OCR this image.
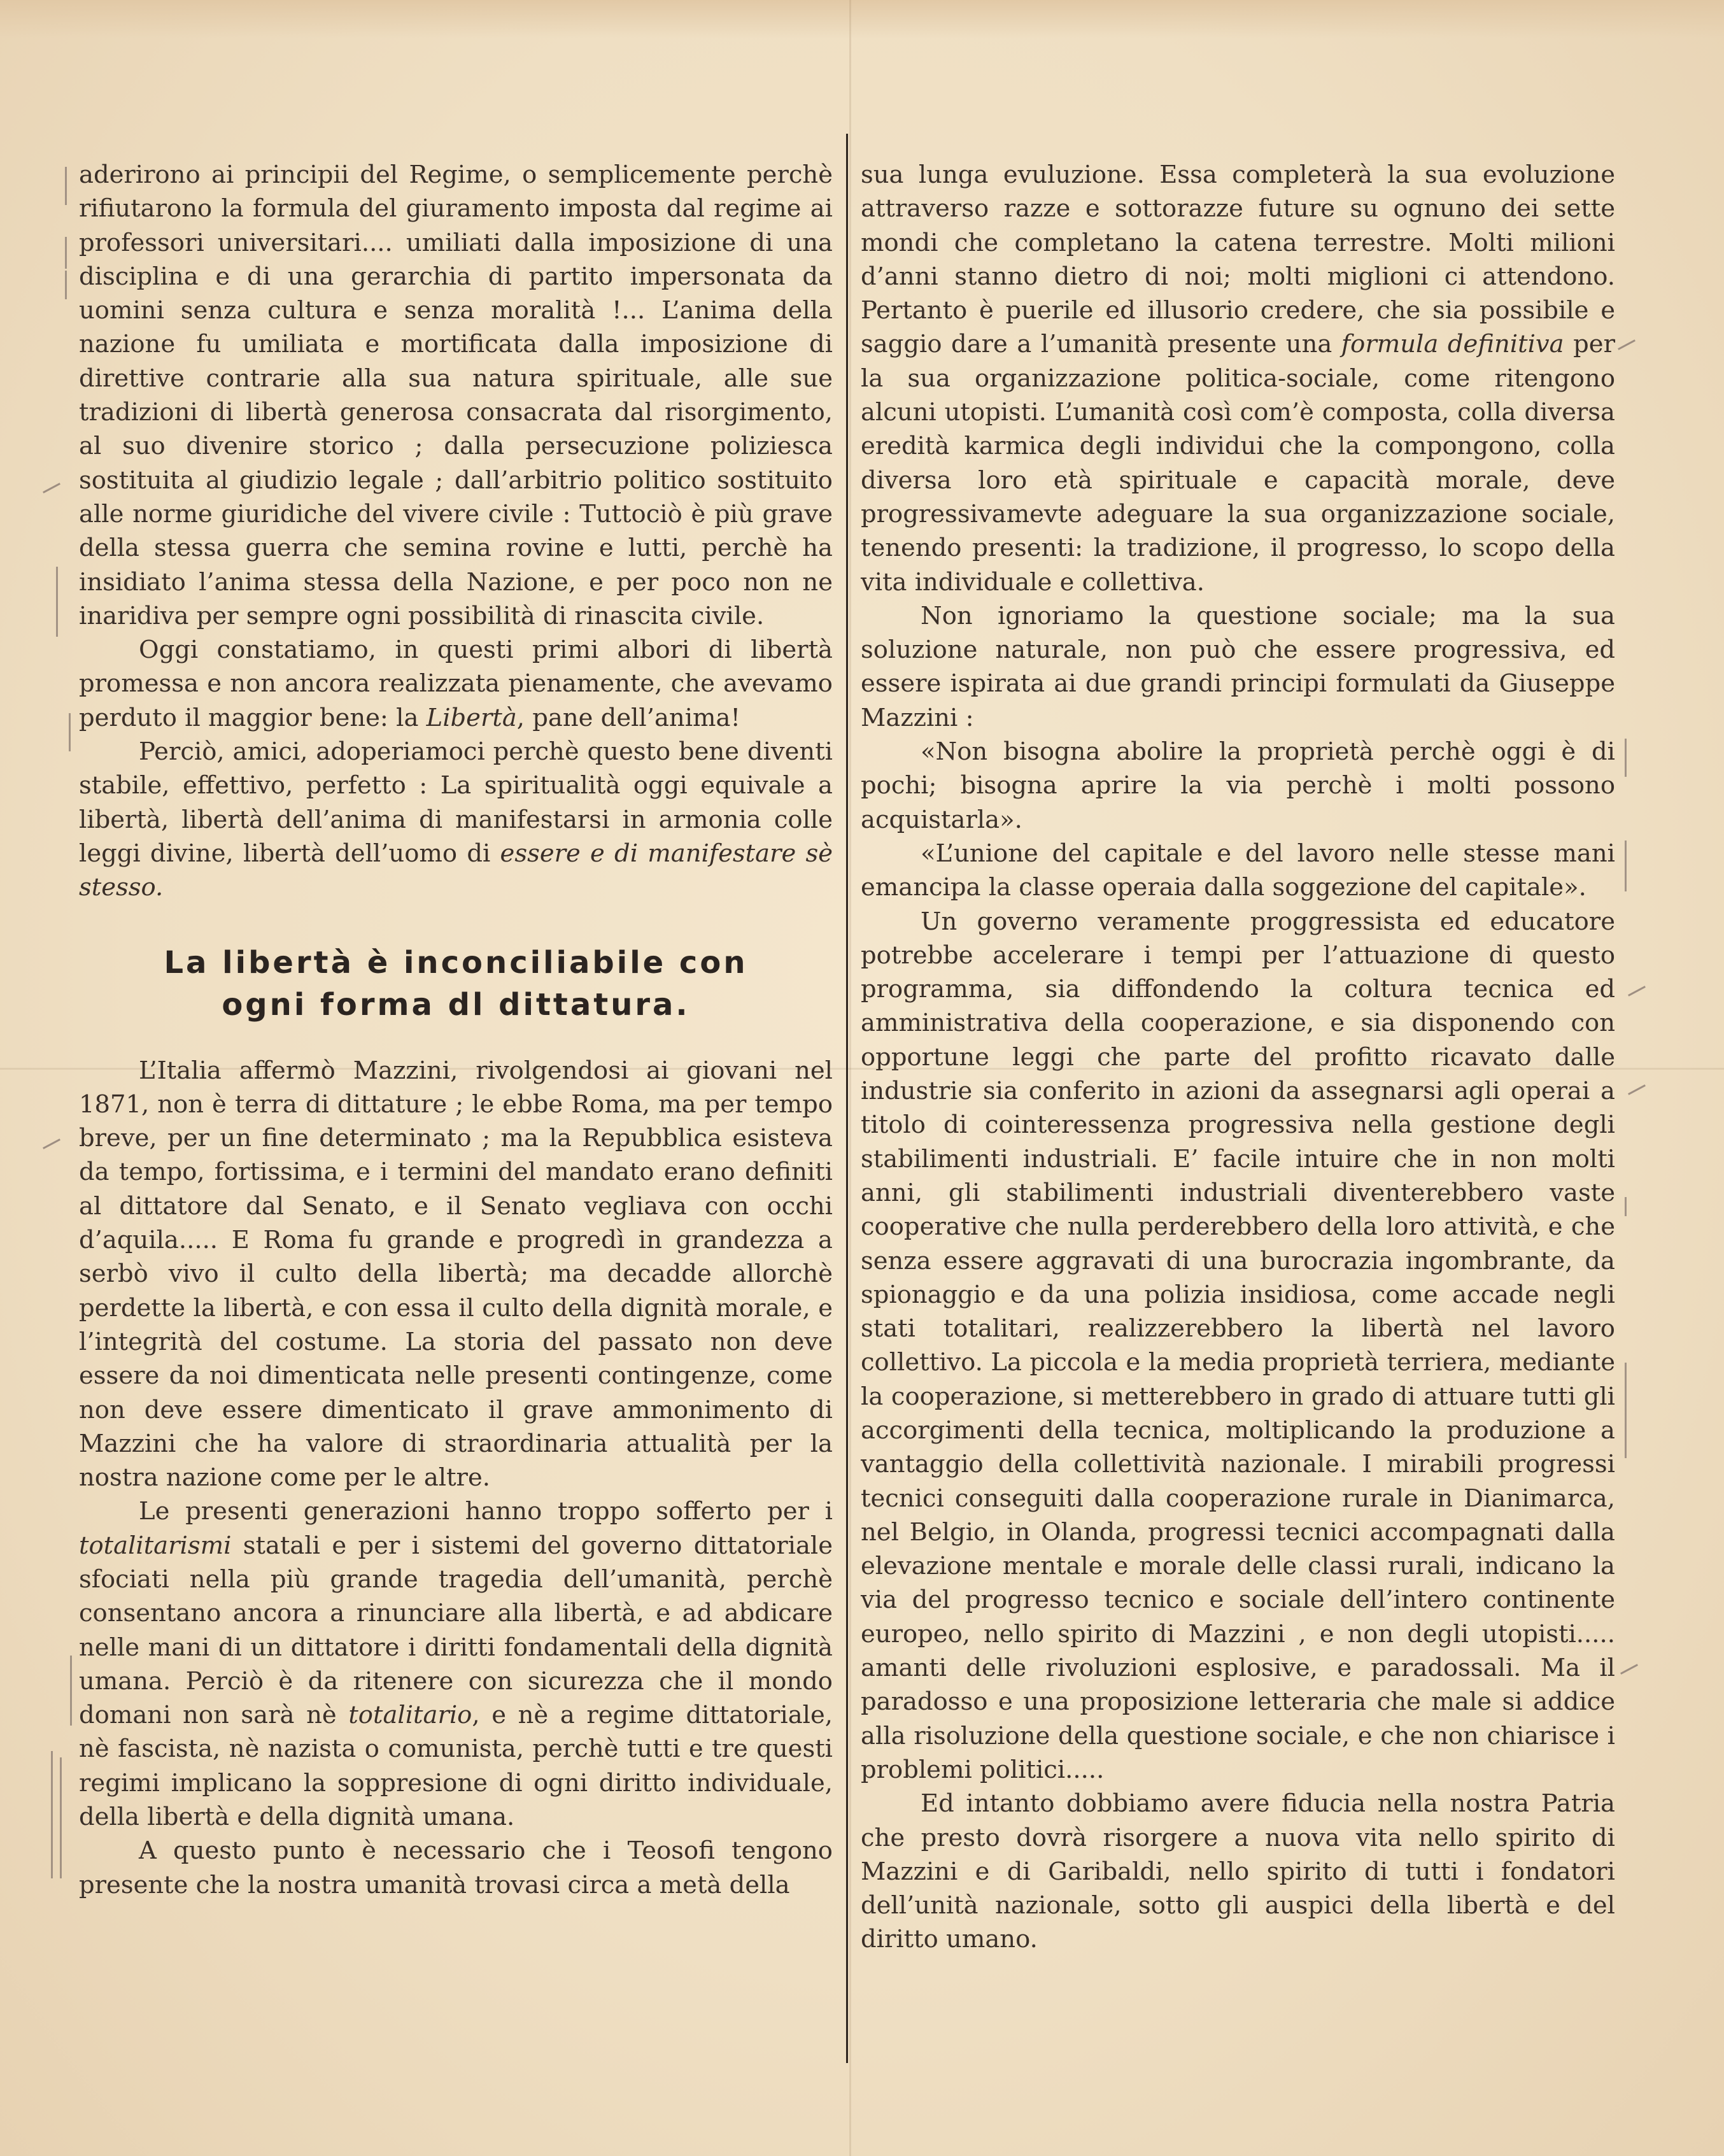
aderirono ai principii del Regime, o semplicemente perchè rifiutarono la formula del giuramento imposta dal regime ai professori universitari.... umiliati dalla imposizione di una disciplina e di una gerarchia di partito impersonata da uomini senza cultura e senza moralità !... L’anima della nazione fu umiliata e mortificata dalla imposizione di direttive contrarie alla sua natura spirituale, alle sue tradizioni di libertà generosa consacrata dal risorgimento, al suo divenire storico ; dalla persecuzione poliziesca sostituita al giudizio legale ; dall’arbitrio politico sostituito alle norme giuridiche del vivere civile : Tuttociò è più grave della stessa guerra che semina rovine e lutti, perchè ha insidiato l’anima stessa della Nazione, e per poco non ne inaridiva per sempre ogni possibilità di rinascita civile.

Oggi constatiamo, in questi primi albori di libertà promessa e non ancora realizzata pienamente, che avevamo perduto il maggior bene: la Libertà, pane dell’anima!

Perciò, amici, adoperiamoci perchè questo bene diventi stabile, effettivo, perfetto : La spiritualità oggi equivale a libertà, libertà dell’anima di manifestarsi in armonia colle leggi divine, libertà dell’uomo di essere e di manifestare sè stesso.

La libertà è inconciliabile con
ogni forma dl dittatura.

L’Italia affermò Mazzini, rivolgendosi ai giovani nel 1871, non è terra di dittature ; le ebbe Roma, ma per tempo breve, per un fine determinato ; ma la Repubblica esisteva da tempo, fortissima, e i termini del mandato erano definiti al dittatore dal Senato, e il Senato vegliava con occhi d’aquila..... E Roma fu grande e progredì in grandezza a serbò vivo il culto della libertà; ma decadde allorchè perdette la libertà, e con essa il culto della dignità morale, e l’integrità del costume. La storia del passato non deve essere da noi dimenticata nelle presenti contingenze, come non deve essere dimenticato il grave ammonimento di Mazzini che ha valore di straordinaria attualità per la nostra nazione come per le altre.

Le presenti generazioni hanno troppo sofferto per i totalitarismi statali e per i sistemi del governo dittatoriale sfociati nella più grande tragedia dell’umanità, perchè consentano ancora a rinunciare alla libertà, e ad abdicare nelle mani di un dittatore i diritti fondamentali della dignità umana. Perciò è da ritenere con sicurezza che il mondo domani non sarà nè totalitario, e nè a regime dittatoriale, nè fascista, nè nazista o comunista, perchè tutti e tre questi regimi implicano la soppresione di ogni diritto individuale, della libertà e della dignità umana.

A questo punto è necessario che i Teosofi tengono presente che la nostra umanità trovasi circa a metà della

sua lunga evuluzione. Essa completerà la sua evoluzione attraverso razze e sottorazze future su ognuno dei sette mondi che completano la catena terrestre. Molti milioni d’anni stanno dietro di noi; molti miglioni ci attendono. Pertanto è puerile ed illusorio credere, che sia possibile e saggio dare a l’umanità presente una formula definitiva per la sua organizzazione politica-sociale, come ritengono alcuni utopisti. L’umanità così com’è composta, colla diversa eredità karmica degli individui che la compongono, colla diversa loro età spirituale e capacità morale, deve progressivamevte adeguare la sua organizzazione sociale, tenendo presenti: la tradizione, il progresso, lo scopo della vita individuale e collettiva.

Non ignoriamo la questione sociale; ma la sua soluzione naturale, non può che essere progressiva, ed essere ispirata ai due grandi principi formulati da Giuseppe Mazzini :

«Non bisogna abolire la proprietà perchè oggi è di pochi; bisogna aprire la via perchè i molti possono acquistarla».

«L’unione del capitale e del lavoro nelle stesse mani emancipa la classe operaia dalla soggezione del capitale».

Un governo veramente proggressista ed educatore potrebbe accelerare i tempi per l’attuazione di questo programma, sia diffondendo la coltura tecnica ed amministrativa della cooperazione, e sia disponendo con opportune leggi che parte del profitto ricavato dalle industrie sia conferito in azioni da assegnarsi agli operai a titolo di cointeressenza progressiva nella gestione degli stabilimenti industriali. E’ facile intuire che in non molti anni, gli stabilimenti industriali diventerebbero vaste cooperative che nulla perderebbero della loro attività, e che senza essere aggravati di una burocrazia ingombrante, da spionaggio e da una polizia insidiosa, come accade negli stati totalitari, realizzerebbero la libertà nel lavoro collettivo. La piccola e la media proprietà terriera, mediante la cooperazione, si metterebbero in grado di attuare tutti gli accorgimenti della tecnica, moltiplicando la produzione a vantaggio della collettività nazionale. I mirabili progressi tecnici conseguiti dalla cooperazione rurale in Dianimarca, nel Belgio, in Olanda, progressi tecnici accompagnati dalla elevazione mentale e morale delle classi rurali, indicano la via del progresso tecnico e sociale dell’intero continente europeo, nello spirito di Mazzini , e non degli utopisti..... amanti delle rivoluzioni esplosive, e paradossali. Ma il paradosso e una proposizione letteraria che male si addice alla risoluzione della questione sociale, e che non chiarisce i problemi politici.....

Ed intanto dobbiamo avere fiducia nella nostra Patria che presto dovrà risorgere a nuova vita nello spirito di Mazzini e di Garibaldi, nello spirito di tutti i fondatori dell’unità nazionale, sotto gli auspici della libertà e del diritto umano.
